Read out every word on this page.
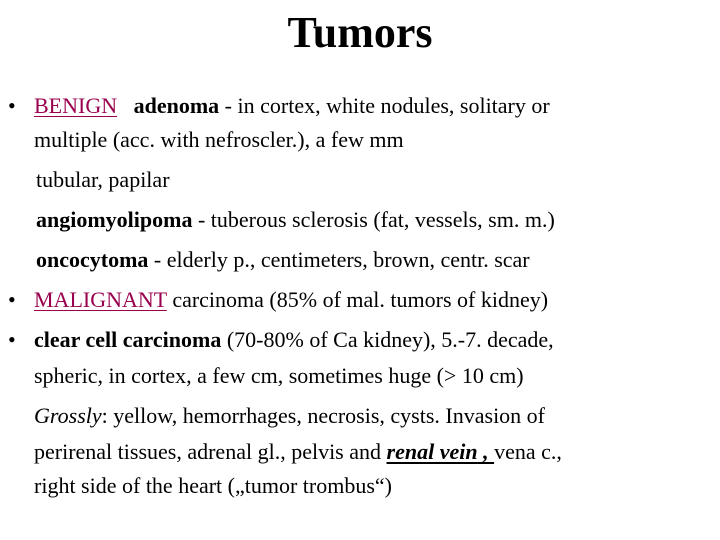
Tumors
• BENIGN adenoma - in cortex, white nodules, solitary or
multiple (acc. with nefroscler.), a few mm
tubular, papilar
angiomyolipoma - tuberous sclerosis (fat, vessels, sm. m.)
oncocytoma - elderly p., centimeters, brown, centr. scar
• MALIGNANT carcinoma (85% of mal. tumors of kidney)
• clear cell carcinoma (70-80% of Ca kidney), 5.-7. decade,
spheric, in cortex, a few cm, sometimes huge (> 10 cm)
Grossly: yellow, hemorrhages, necrosis, cysts. Invasion of
perirenal tissues, adrenal gl., pelvis and renal vein , vena c.,
right side of the heart („tumor trombus“)
